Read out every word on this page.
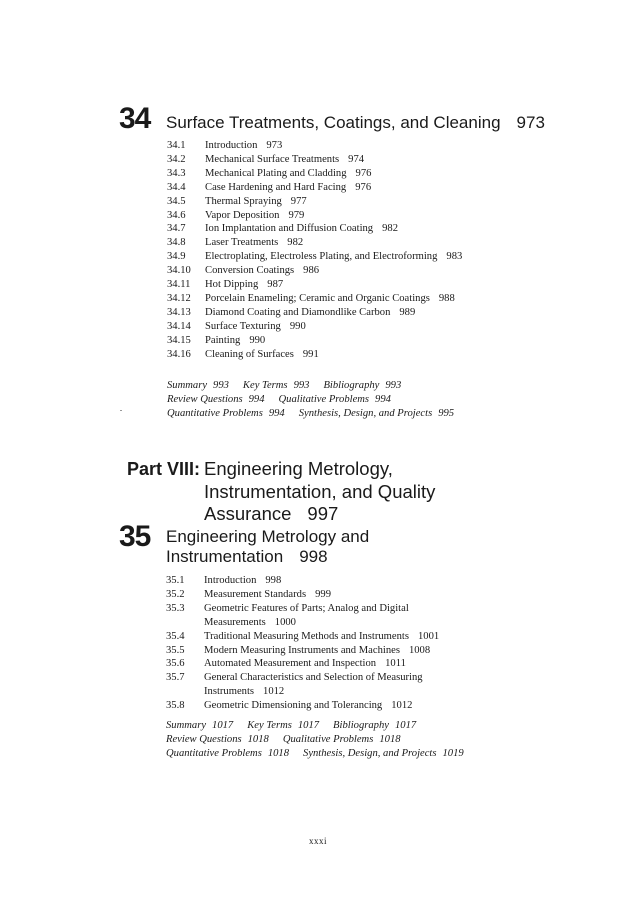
34 Surface Treatments, Coatings, and Cleaning 973
34.1	Introduction 973
34.2	Mechanical Surface Treatments 974
34.3	Mechanical Plating and Cladding 976
34.4	Case Hardening and Hard Facing 976
34.5	Thermal Spraying 977
34.6	Vapor Deposition 979
34.7	Ion Implantation and Diffusion Coating 982
34.8	Laser Treatments 982
34.9	Electroplating, Electroless Plating, and Electroforming 983
34.10	Conversion Coatings 986
34.11	Hot Dipping 987
34.12	Porcelain Enameling; Ceramic and Organic Coatings 988
34.13	Diamond Coating and Diamondlike Carbon 989
34.14	Surface Texturing 990
34.15	Painting 990
34.16	Cleaning of Surfaces 991
Summary 993 Key Terms 993 Bibliography 993
Review Questions 994 Qualitative Problems 994
Quantitative Problems 994 Synthesis, Design, and Projects 995
Part VIII: Engineering Metrology, Instrumentation, and Quality Assurance 997
35 Engineering Metrology and
Instrumentation 998
35.1	Introduction 998
35.2	Measurement Standards 999
35.3	Geometric Features of Parts; Analog and Digital Measurements 1000
35.4	Traditional Measuring Methods and Instruments 1001
35.5	Modern Measuring Instruments and Machines 1008
35.6	Automated Measurement and Inspection 1011
35.7	General Characteristics and Selection of Measuring Instruments 1012
35.8	Geometric Dimensioning and Tolerancing 1012
Summary 1017 Key Terms 1017 Bibliography 1017
Review Questions 1018 Qualitative Problems 1018
Quantitative Problems 1018 Synthesis, Design, and Projects 1019
xxxi
